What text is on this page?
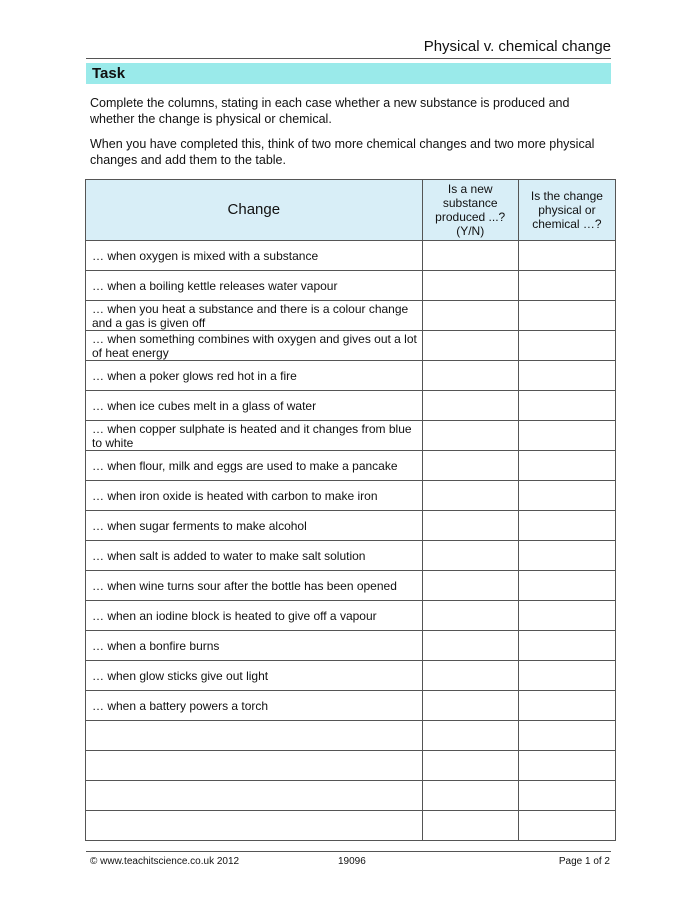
Physical v. chemical change
Task
Complete the columns, stating in each case whether a new substance is produced and whether the change is physical or chemical.
When you have completed this, think of two more chemical changes and two more physical changes and add them to the table.
Change	Is a new substance produced ...? (Y/N)	Is the change physical or chemical …?
… when oxygen is mixed with a substance		
… when a boiling kettle releases water vapour		
… when you heat a substance and there is a colour change and a gas is given off		
… when something combines with oxygen and gives out a lot of heat energy		
… when a poker glows red hot in a fire		
… when ice cubes melt in a glass of water		
… when copper sulphate is heated and it changes from blue to white		
… when flour, milk and eggs are used to make a pancake		
… when iron oxide is heated with carbon to make iron		
… when sugar ferments to make alcohol		
… when salt is added to water to make salt solution		
… when wine turns sour after the bottle has been opened		
… when an iodine block is heated to give off a vapour		
… when a bonfire burns		
… when glow sticks give out light		
… when a battery powers a torch		

© www.teachitscience.co.uk 2012	19096	Page 1 of 2
